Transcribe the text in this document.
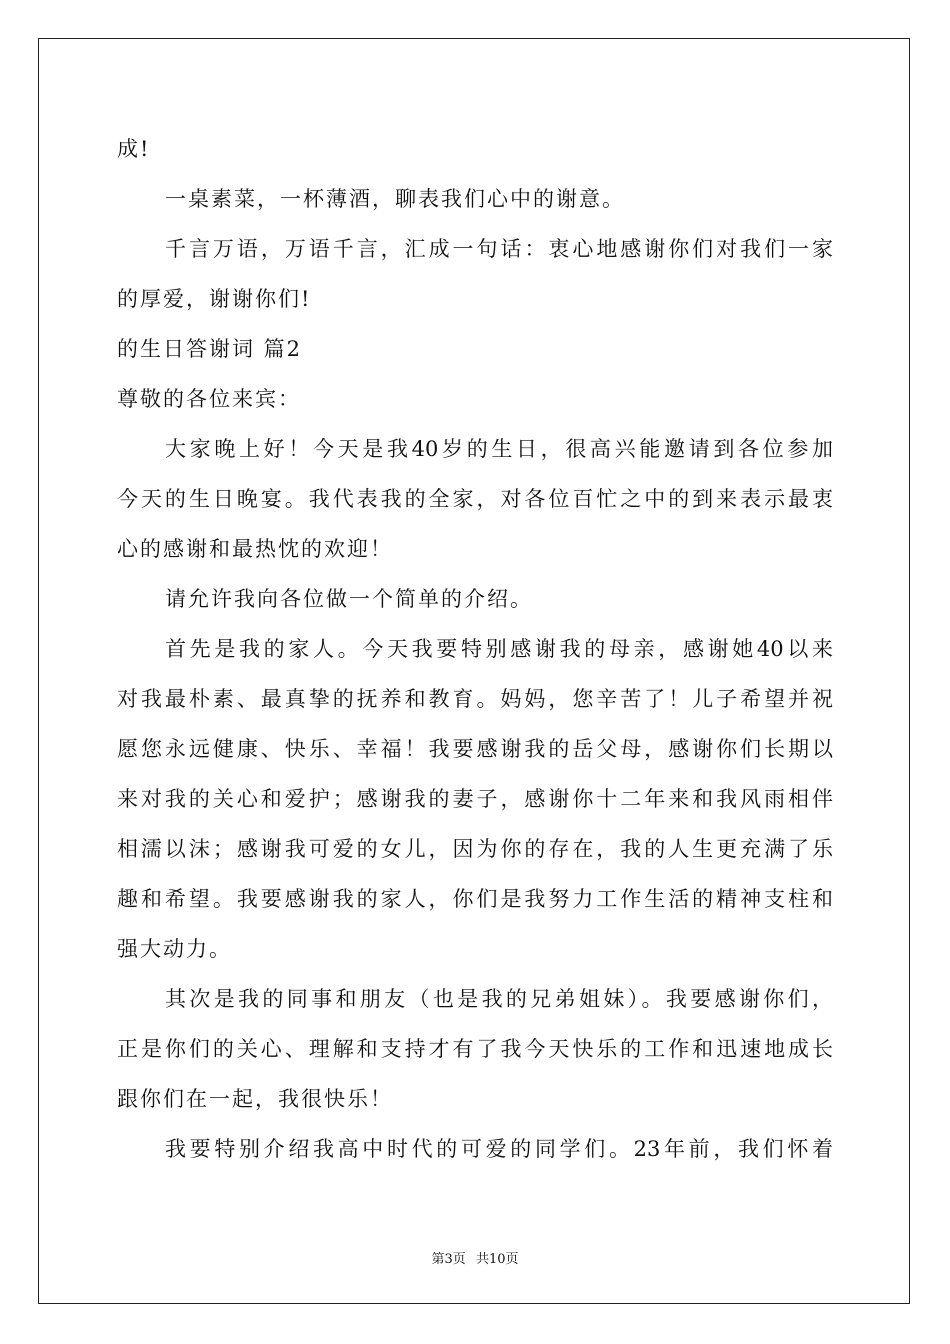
成!
一桌素菜，一杯薄酒，聊表我们心中的谢意。
千言万语，万语千言，汇成一句话：衷心地感谢你们对我们一家
的厚爱，谢谢你们!
的生日答谢词 篇2
尊敬的各位来宾：
大家晚上好！今天是我40岁的生日，很高兴能邀请到各位参加
今天的生日晚宴。我代表我的全家，对各位百忙之中的到来表示最衷
心的感谢和最热忱的欢迎！
请允许我向各位做一个简单的介绍。
首先是我的家人。今天我要特别感谢我的母亲，感谢她40以来
对我最朴素、最真挚的抚养和教育。妈妈，您辛苦了！儿子希望并祝
愿您永远健康、快乐、幸福！我要感谢我的岳父母，感谢你们长期以
来对我的关心和爱护；感谢我的妻子，感谢你十二年来和我风雨相伴
相濡以沫；感谢我可爱的女儿，因为你的存在，我的人生更充满了乐
趣和希望。我要感谢我的家人，你们是我努力工作生活的精神支柱和
强大动力。
其次是我的同事和朋友（也是我的兄弟姐妹）。我要感谢你们，
正是你们的关心、理解和支持才有了我今天快乐的工作和迅速地成长
跟你们在一起，我很快乐！
我要特别介绍我高中时代的可爱的同学们。23年前，我们怀着
第3页 共10页
